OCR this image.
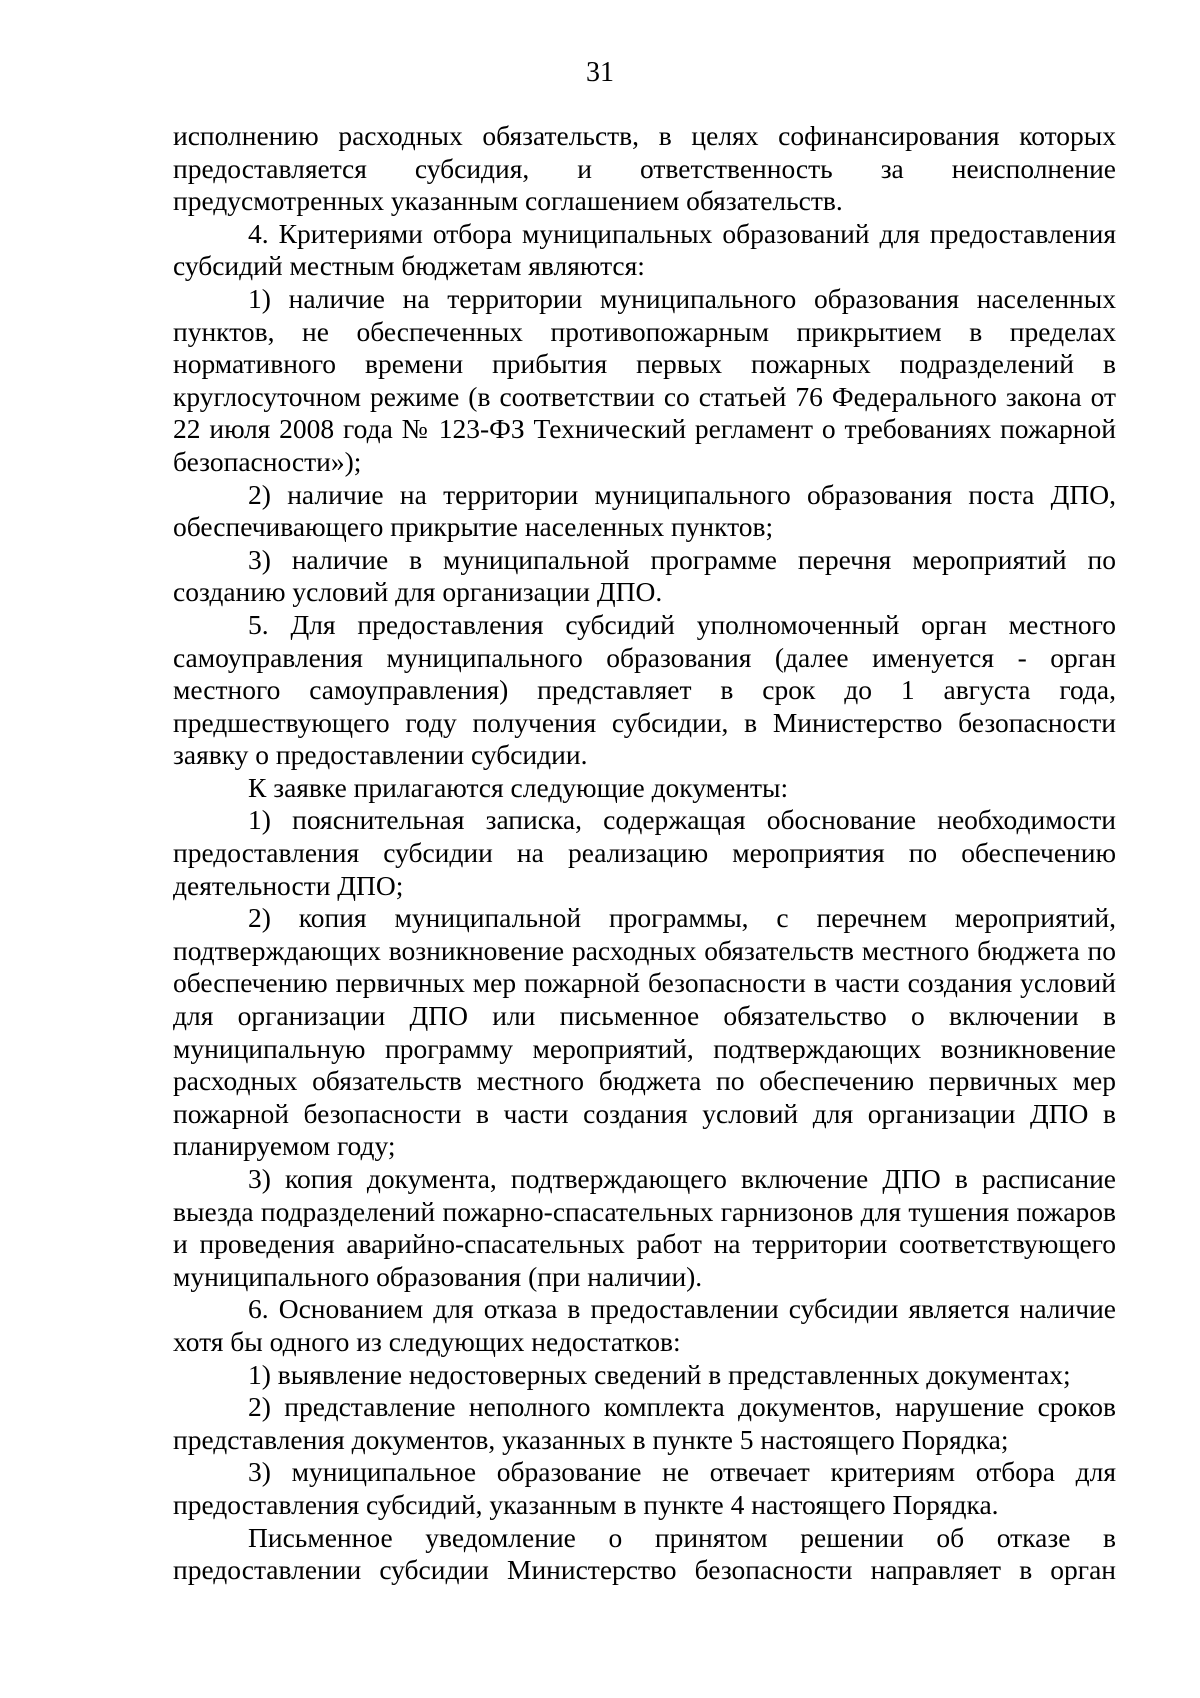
31

исполнению расходных обязательств, в целях софинансирования которых предоставляется субсидия, и ответственность за неисполнение предусмотренных указанным соглашением обязательств.

4. Критериями отбора муниципальных образований для предоставления субсидий местным бюджетам являются:

1) наличие на территории муниципального образования населенных пунктов, не обеспеченных противопожарным прикрытием в пределах нормативного времени прибытия первых пожарных подразделений в круглосуточном режиме (в соответствии со статьей 76 Федерального закона от 22 июля 2008 года № 123-ФЗ Технический регламент о требованиях пожарной безопасности»);

2) наличие на территории муниципального образования поста ДПО, обеспечивающего прикрытие населенных пунктов;

3) наличие в муниципальной программе перечня мероприятий по созданию условий для организации ДПО.

5. Для предоставления субсидий уполномоченный орган местного самоуправления муниципального образования (далее именуется - орган местного самоуправления) представляет в срок до 1 августа года, предшествующего году получения субсидии, в Министерство безопасности заявку о предоставлении субсидии.

К заявке прилагаются следующие документы:

1) пояснительная записка, содержащая обоснование необходимости предоставления субсидии на реализацию мероприятия по обеспечению деятельности ДПО;

2) копия муниципальной программы, с перечнем мероприятий, подтверждающих возникновение расходных обязательств местного бюджета по обеспечению первичных мер пожарной безопасности в части создания условий для организации ДПО или письменное обязательство о включении в муниципальную программу мероприятий, подтверждающих возникновение расходных обязательств местного бюджета по обеспечению первичных мер пожарной безопасности в части создания условий для организации ДПО в планируемом году;

3) копия документа, подтверждающего включение ДПО в расписание выезда подразделений пожарно-спасательных гарнизонов для тушения пожаров и проведения аварийно-спасательных работ на территории соответствующего муниципального образования (при наличии).

6. Основанием для отказа в предоставлении субсидии является наличие хотя бы одного из следующих недостатков:

1) выявление недостоверных сведений в представленных документах;

2) представление неполного комплекта документов, нарушение сроков представления документов, указанных в пункте 5 настоящего Порядка;

3) муниципальное образование не отвечает критериям отбора для предоставления субсидий, указанным в пункте 4 настоящего Порядка.

Письменное уведомление о принятом решении об отказе в предоставлении субсидии Министерство безопасности направляет в орган
